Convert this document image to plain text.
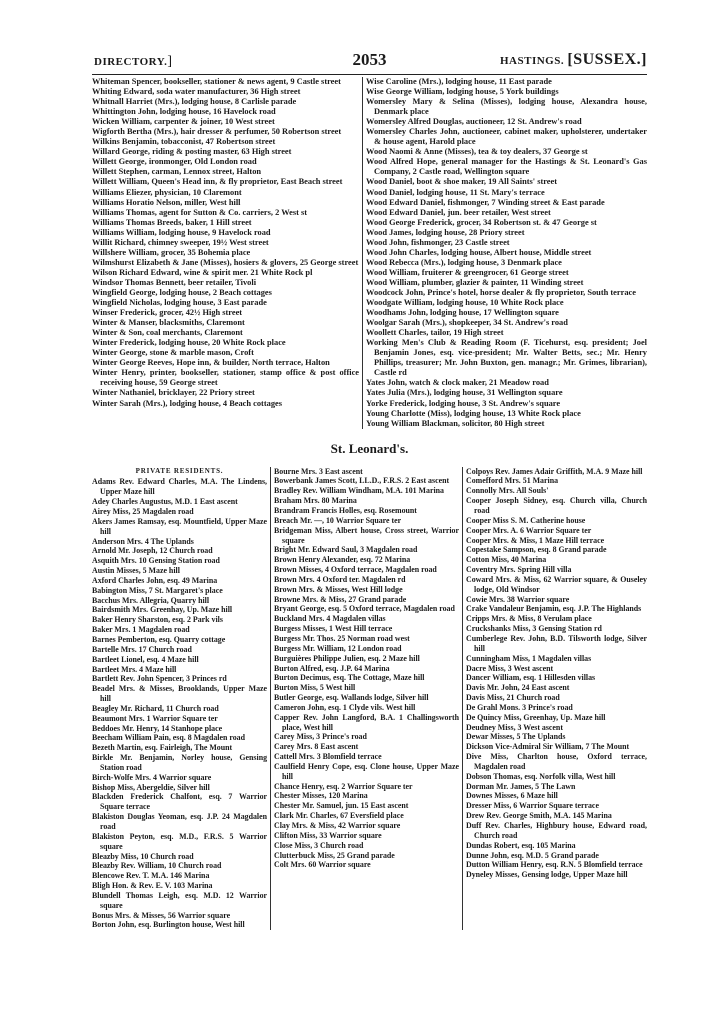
DIRECTORY.]	2053	HASTINGS. [SUSSEX.]
Whiteman Spencer, bookseller, stationer & news agent, 9 Castle street
Whiting Edward, soda water manufacturer, 36 High street
Whitnall Harriet (Mrs.), lodging house, 8 Carlisle parade
Whittington John, lodging house, 16 Havelock road
Wicken William, carpenter & joiner, 10 West street
Wigforth Bertha (Mrs.), hair dresser & perfumer, 50 Robertson street
Wilkins Benjamin, tobacconist, 47 Robertson street
Willard George, riding & posting master, 63 High street
Willett George, ironmonger, Old London road
Willett Stephen, carman, Lennox street, Halton
Willett William, Queen's Head inn, & fly proprietor, East Beach street
Williams Eliezer, physician, 10 Claremont
Williams Horatio Nelson, miller, West hill
Williams Thomas, agent for Sutton & Co. carriers, 2 West st
Williams Thomas Breeds, baker, 1 Hill street
Williams William, lodging house, 9 Havelock road
Willit Richard, chimney sweeper, 19½ West street
Willshere William, grocer, 35 Bohemia place
Wilmshurst Elizabeth & Jane (Misses), hosiers & glovers, 25 George street
Wilson Richard Edward, wine & spirit mer. 21 White Rock pl
Windsor Thomas Bennett, beer retailer, Tivoli
Wingfield George, lodging house, 2 Beach cottages
Wingfield Nicholas, lodging house, 3 East parade
Winser Frederick, grocer, 42½ High street
Winter & Manser, blacksmiths, Claremont
Winter & Son, coal merchants, Claremont
Winter Frederick, lodging house, 20 White Rock place
Winter George, stone & marble mason, Croft
Winter George Reeves, Hope inn, & builder, North terrace, Halton
Winter Henry, printer, bookseller, stationer, stamp office & post office receiving house, 59 George street
Winter Nathaniel, bricklayer, 22 Priory street
Winter Sarah (Mrs.), lodging house, 4 Beach cottages
Wise Caroline (Mrs.), lodging house, 11 East parade
Wise George William, lodging house, 5 York buildings
Womersley Mary & Selina (Misses), lodging house, Alexandra house, Denmark place
Womersley Alfred Douglas, auctioneer, 12 St. Andrew's road
Womersley Charles John, auctioneer, cabinet maker, upholsterer, undertaker & house agent, Harold place
Wood Naomi & Anne (Misses), tea & toy dealers, 37 George st
Wood Alfred Hope, general manager for the Hastings & St. Leonard's Gas Company, 2 Castle road, Wellington square
Wood Daniel, boot & shoe maker, 19 All Saints' street
Wood Daniel, lodging house, 11 St. Mary's terrace
Wood Edward Daniel, fishmonger, 7 Winding street & East parade
Wood Edward Daniel, jun. beer retailer, West street
Wood George Frederick, grocer, 34 Robertson st. & 47 George st
Wood James, lodging house, 28 Priory street
Wood John, fishmonger, 23 Castle street
Wood John Charles, lodging house, Albert house, Middle street
Wood Rebecca (Mrs.), lodging house, 3 Denmark place
Wood William, fruiterer & greengrocer, 61 George street
Wood William, plumber, glazier & painter, 11 Winding street
Woodcock John, Prince's hotel, horse dealer & fly proprietor, South terrace
Woodgate William, lodging house, 10 White Rock place
Woodhams John, lodging house, 17 Wellington square
Woolgar Sarah (Mrs.), shopkeeper, 34 St. Andrew's road
Woollett Charles, tailor, 19 High street
Working Men's Club & Reading Room (F. Ticehurst, esq. president; Joel Benjamin Jones, esq. vice-president; Mr. Walter Betts, sec.; Mr. Henry Phillips, treasurer; Mr. John Buxton, gen. managr.; Mr. Grimes, librarian), Castle rd
Yates John, watch & clock maker, 21 Meadow road
Yates Julia (Mrs.), lodging house, 31 Wellington square
Yorke Frederick, lodging house, 3 St. Andrew's square
Young Charlotte (Miss), lodging house, 13 White Rock place
Young William Blackman, solicitor, 80 High street
St. Leonard's.
PRIVATE RESIDENTS.
Adams Rev. Edward Charles, M.A. The Lindens, Upper Maze hill
Adey Charles Augustus, M.D. 1 East ascent
Airey Miss, 25 Magdalen road
Akers James Ramsay, esq. Mountfield, Upper Maze hill
Anderson Mrs. 4 The Uplands
Arnold Mr. Joseph, 12 Church road
Asquith Mrs. 10 Gensing Station road
Austin Misses, 5 Maze hill
Axford Charles John, esq. 49 Marina
Babington Miss, 7 St. Margaret's place
Bacchus Mrs. Allegria, Quarry hill
Bairdsmith Mrs. Greenhay, Up. Maze hill
Baker Henry Sharston, esq. 2 Park vils
Baker Mrs. 1 Magdalen road
Barnes Pemberton, esq. Quarry cottage
Bartelle Mrs. 17 Church road
Bartleet Lionel, esq. 4 Maze hill
Bartleet Mrs. 4 Maze hill
Bartlett Rev. John Spencer, 3 Princes rd
Beadel Mrs. & Misses, Brooklands, Upper Maze hill
Beagley Mr. Richard, 11 Church road
Beaumont Mrs. 1 Warrior Square ter
Beddoes Mr. Henry, 14 Stanhope place
Beecham William Pain, esq. 8 Magdalen road
Bezeth Martin, esq. Fairleigh, The Mount
Birkle Mr. Benjamin, Norley house, Gensing Station road
Birch-Wolfe Mrs. 4 Warrior square
Bishop Miss, Abergeldie, Silver hill
Blackden Frederick Chalfont, esq. 7 Warrior Square terrace
Blakiston Douglas Yeoman, esq. J.P. 24 Magdalen road
Blakiston Peyton, esq. M.D., F.R.S. 5 Warrior square
Bleazby Miss, 10 Church road
Bleazby Rev. William, 10 Church road
Blencowe Rev. T. M.A. 146 Marina
Bligh Hon. & Rev. E. V. 103 Marina
Blundell Thomas Leigh, esq. M.D. 12 Warrior square
Bonus Mrs. & Misses, 56 Warrior square
Borton John, esq. Burlington house, West hill
Bourne Mrs. 3 East ascent
Bowerbank James Scott, LL.D., F.R.S. 2 East ascent
Bradley Rev. William Windham, M.A. 101 Marina
Braham Mrs. 80 Marina
Brandram Francis Holles, esq. Rosemount
Breach Mr. —, 10 Warrior Square ter
Bridgeman Miss, Albert house, Cross street, Warrior square
Bright Mr. Edward Saul, 3 Magdalen road
Brown Henry Alexander, esq. 72 Marina
Brown Misses, 4 Oxford terrace, Magdalen road
Brown Mrs. 4 Oxford ter. Magdalen rd
Brown Mrs. & Misses, West Hill lodge
Browne Mrs. & Miss, 27 Grand parade
Bryant George, esq. 5 Oxford terrace, Magdalen road
Buckland Mrs. 4 Magdalen villas
Burgess Misses, 1 West Hill terrace
Burgess Mr. Thos. 25 Norman road west
Burgess Mr. William, 12 London road
Burguières Philippe Julien, esq. 2 Maze hill
Burton Alfred, esq. J.P. 64 Marina
Burton Decimus, esq. The Cottage, Maze hill
Burton Miss, 5 West hill
Butler George, esq. Wallands lodge, Silver hill
Cameron John, esq. 1 Clyde vils. West hill
Capper Rev. John Langford, B.A. 1 Challingsworth place, West hill
Carey Miss, 3 Prince's road
Carey Mrs. 8 East ascent
Cattell Mrs. 3 Blomfield terrace
Caulfield Henry Cope, esq. Clone house, Upper Maze hill
Chance Henry, esq. 2 Warrior Square ter
Chester Misses, 120 Marina
Chester Mr. Samuel, jun. 15 East ascent
Clark Mr. Charles, 67 Eversfield place
Clay Mrs. & Miss, 42 Warrior square
Clifton Miss, 33 Warrior square
Close Miss, 3 Church road
Clutterbuck Miss, 25 Grand parade
Colt Mrs. 60 Warrior square
Colpoys Rev. James Adair Griffith, M.A. 9 Maze hill
Comefford Mrs. 51 Marina
Connolly Mrs. All Souls'
Cooper Joseph Sidney, esq. Church villa, Church road
Cooper Miss S. M. Catherine house
Cooper Mrs. A. 6 Warrior Square ter
Cooper Mrs. & Miss, 1 Maze Hill terrace
Copestake Sampson, esq. 8 Grand parade
Cotton Miss, 40 Marina
Coventry Mrs. Spring Hill villa
Coward Mrs. & Miss, 62 Warrior square, & Ouseley lodge, Old Windsor
Cowie Mrs. 38 Warrior square
Crake Vandaleur Benjamin, esq. J.P. The Highlands
Cripps Mrs. & Miss, 8 Verulam place
Cruckshanks Miss, 3 Gensing Station rd
Cumberlege Rev. John, B.D. Tilsworth lodge, Silver hill
Cunningham Miss, 1 Magdalen villas
Dacre Miss, 3 West ascent
Dancer William, esq. 1 Hillesden villas
Davis Mr. John, 24 East ascent
Davis Miss, 21 Church road
De Grahl Mons. 3 Prince's road
De Quincy Miss, Greenhay, Up. Maze hill
Deudney Miss, 3 West ascent
Dewar Misses, 5 The Uplands
Dickson Vice-Admiral Sir William, 7 The Mount
Dive Miss, Charlton house, Oxford terrace, Magdalen road
Dobson Thomas, esq. Norfolk villa, West hill
Dorman Mr. James, 5 The Lawn
Downes Misses, 6 Maze hill
Dresser Miss, 6 Warrior Square terrace
Drew Rev. George Smith, M.A. 145 Marina
Duff Rev. Charles, Highbury house, Edward road, Church road
Dundas Robert, esq. 105 Marina
Dunne John, esq. M.D. 5 Grand parade
Dutton William Henry, esq. R.N. 5 Blomfield terrace
Dyneley Misses, Gensing lodge, Upper Maze hill
